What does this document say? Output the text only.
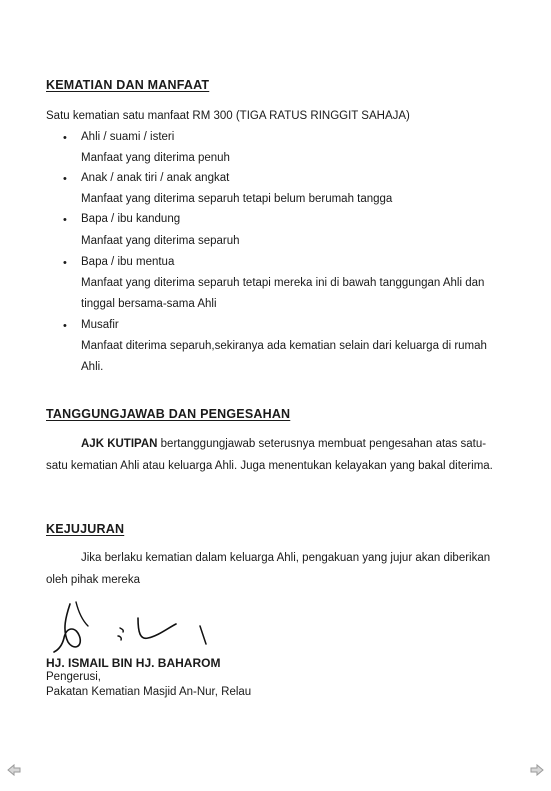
KEMATIAN DAN MANFAAT
Satu kematian satu manfaat RM 300 (TIGA RATUS RINGGIT SAHAJA)
• Ahli / suami / isteri
Manfaat yang diterima penuh
• Anak / anak tiri / anak angkat
Manfaat yang diterima separuh tetapi belum berumah tangga
• Bapa / ibu kandung
Manfaat yang diterima separuh
• Bapa / ibu mentua
Manfaat yang diterima separuh tetapi mereka ini di bawah tanggungan Ahli dan
tinggal bersama-sama Ahli
• Musafir
Manfaat diterima separuh,sekiranya ada kematian selain dari keluarga di rumah
Ahli.
TANGGUNGJAWAB DAN PENGESAHAN
AJK KUTIPAN bertanggungjawab seterusnya membuat pengesahan atas satu-
satu kematian Ahli atau keluarga Ahli. Juga menentukan kelayakan yang bakal diterima.
KEJUJURAN
Jika berlaku kematian dalam keluarga Ahli, pengakuan yang jujur akan diberikan
oleh pihak mereka
HJ. ISMAIL BIN HJ. BAHAROM
Pengerusi,
Pakatan Kematian Masjid An-Nur, Relau
